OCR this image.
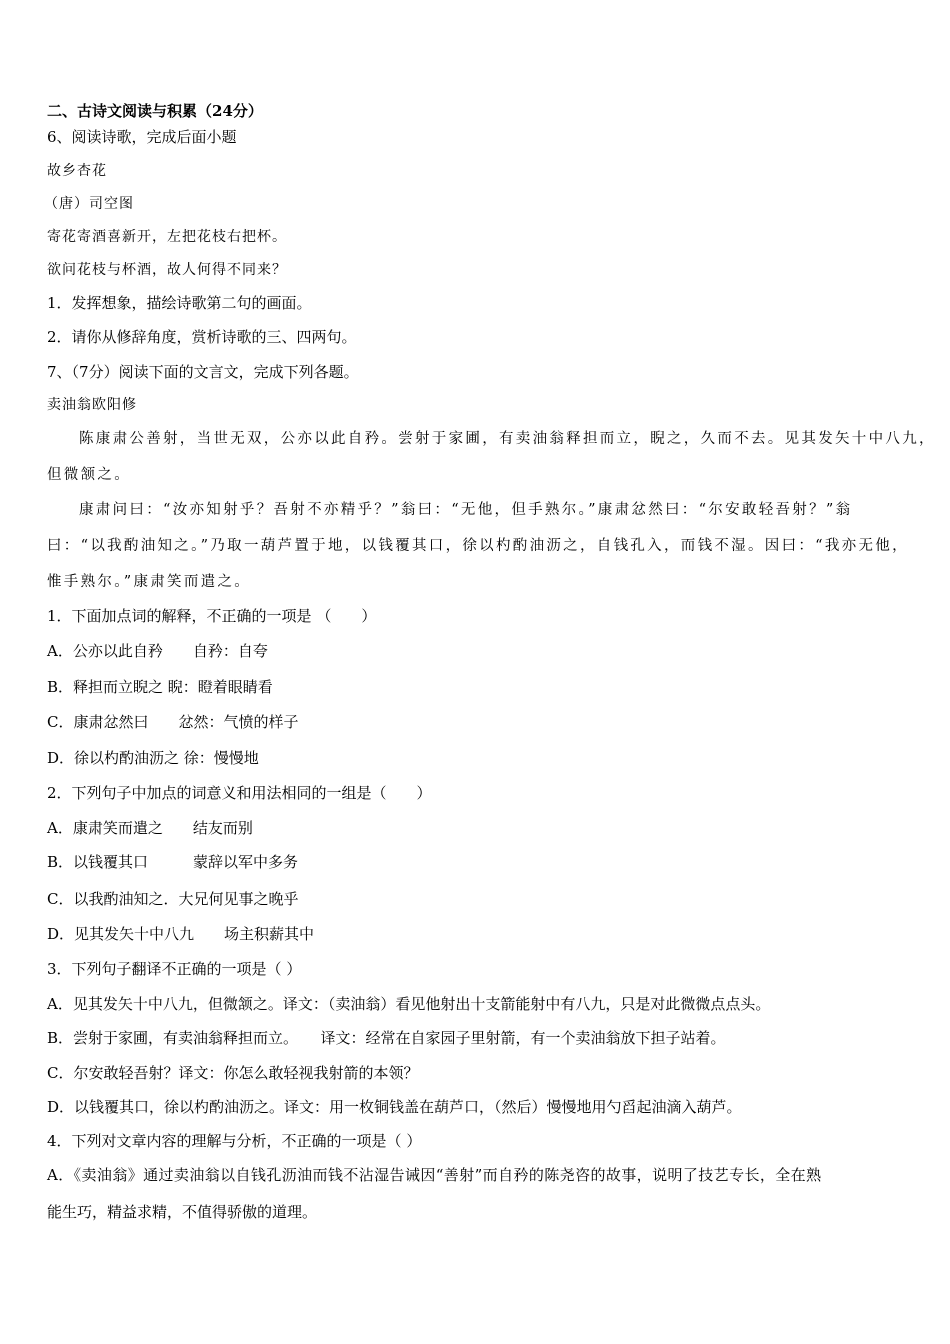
二、古诗文阅读与积累（24分）
6、阅读诗歌，完成后面小题
故乡杏花
（唐）司空图
寄花寄酒喜新开，左把花枝右把杯。
欲问花枝与杯酒，故人何得不同来？
1．发挥想象，描绘诗歌第二句的画面。
2．请你从修辞角度，赏析诗歌的三、四两句。
7、（7分）阅读下面的文言文，完成下列各题。
卖油翁欧阳修
陈康肃公善射，当世无双，公亦以此自矜。尝射于家圃，有卖油翁释担而立，睨之，久而不去。见其发矢十中八九，
但微颔之。
康肃问曰：“汝亦知射乎？吾射不亦精乎？”翁曰：“无他，但手熟尔。”康肃忿然曰：“尔安敢轻吾射？”翁
曰：“以我酌油知之。”乃取一葫芦置于地，以钱覆其口，徐以杓酌油沥之，自钱孔入，而钱不湿。因曰：“我亦无他，
惟手熟尔。”康肃笑而遣之。
1．下面加点词的解释，不正确的一项是 （　　）
A．公亦以此自矜　　自矜：自夸
B．释担而立睨之 睨：瞪着眼睛看
C．康肃忿然曰　　忿然：气愤的样子
D．徐以杓酌油沥之 徐：慢慢地
2．下列句子中加点的词意义和用法相同的一组是（　　）
A．康肃笑而遣之　　结友而别
B．以钱覆其口　　　蒙辞以军中多务
C．以我酌油知之．大兄何见事之晚乎
D．见其发矢十中八九　　场主积薪其中
3．下列句子翻译不正确的一项是（ ）
A．见其发矢十中八九，但微颔之。译文：（卖油翁）看见他射出十支箭能射中有八九，只是对此微微点点头。
B．尝射于家圃，有卖油翁释担而立。　　译文：经常在自家园子里射箭，有一个卖油翁放下担子站着。
C．尔安敢轻吾射？译文：你怎么敢轻视我射箭的本领？
D．以钱覆其口，徐以杓酌油沥之。译文：用一枚铜钱盖在葫芦口，（然后）慢慢地用勺舀起油滴入葫芦。
4．下列对文章内容的理解与分析，不正确的一项是（ ）
A．《卖油翁》通过卖油翁以自钱孔沥油而钱不沾湿告诫因“善射”而自矜的陈尧咨的故事，说明了技艺专长，全在熟
能生巧，精益求精，不值得骄傲的道理。
